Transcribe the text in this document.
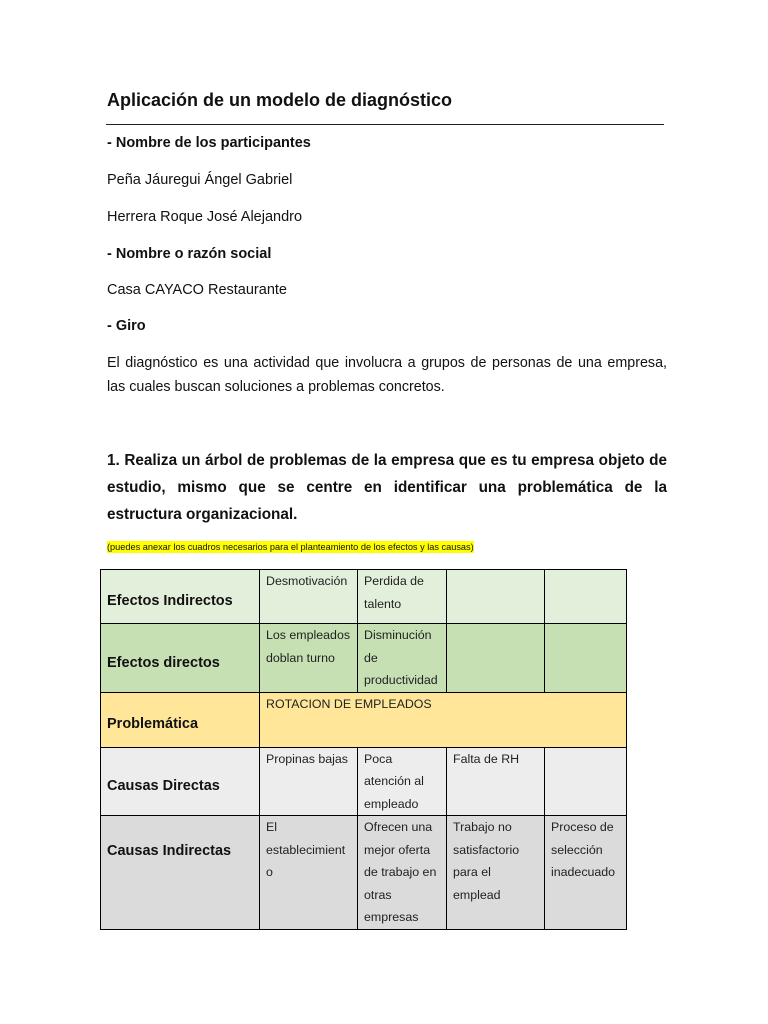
Aplicación de un modelo de diagnóstico
- Nombre de los participantes
Peña Jáuregui Ángel Gabriel
Herrera Roque José Alejandro
- Nombre o razón social
Casa CAYACO Restaurante
- Giro
El diagnóstico es una actividad que involucra a grupos de personas de una empresa, las cuales buscan soluciones a problemas concretos.
1. Realiza un árbol de problemas de la empresa que es tu empresa objeto de estudio, mismo que se centre en identificar una problemática de la estructura organizacional.
(puedes anexar los cuadros necesarios para el planteamiento de los efectos y las causas)
Efectos Indirectos	Desmotivación	Perdida de talento		
Efectos directos	Los empleados doblan turno	Disminución de productividad		
Problemática	ROTACION DE EMPLEADOS			
Causas Directas	Propinas bajas	Poca atención al empleado	Falta de RH	
Causas Indirectas	El establecimient o	Ofrecen una mejor oferta de trabajo en otras empresas	Trabajo no satisfactorio para el emplead	Proceso de selección inadecuado
